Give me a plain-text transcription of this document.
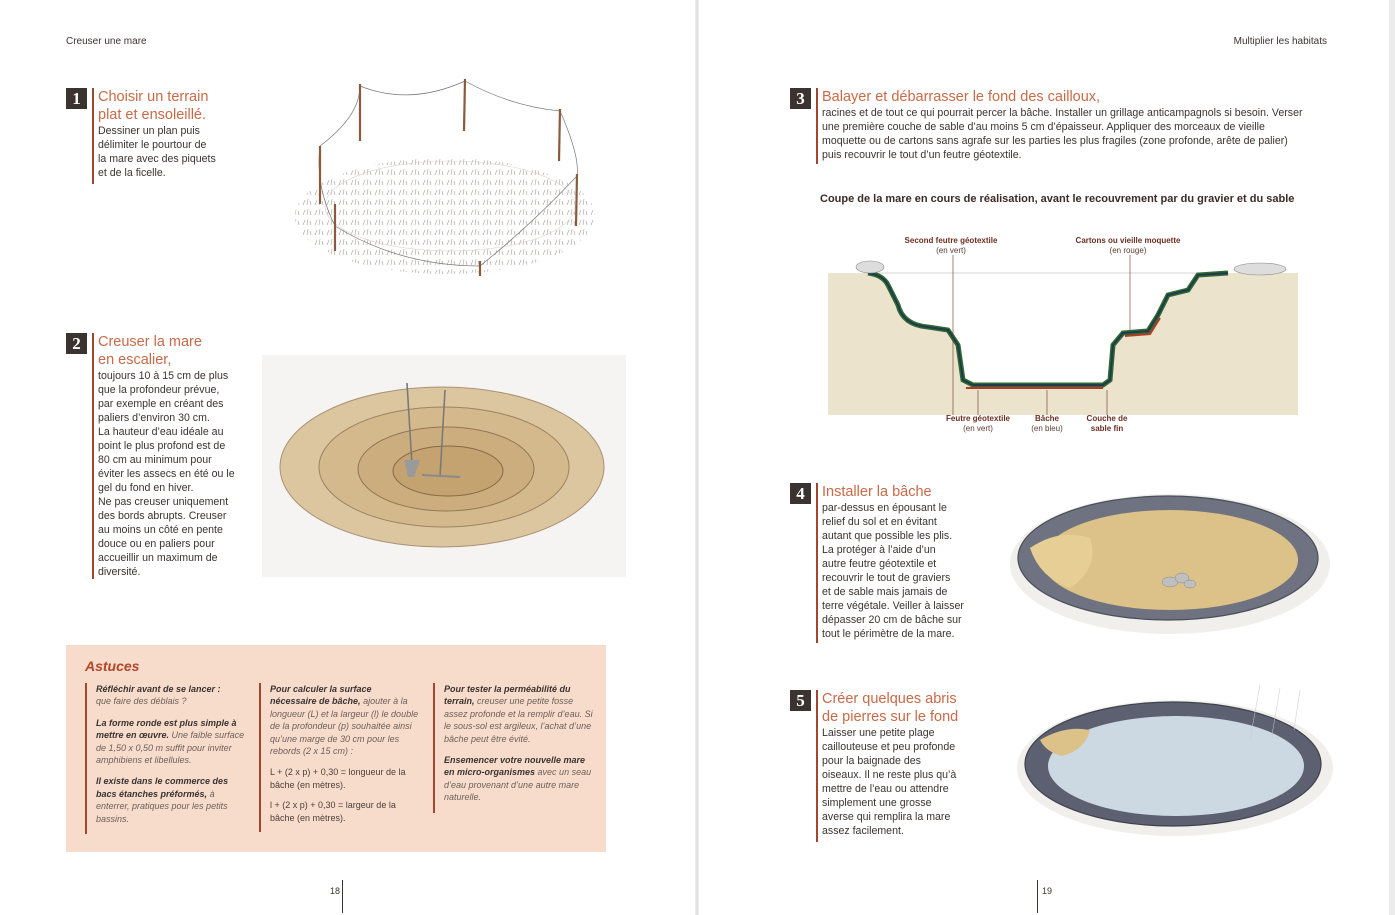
Creuser une mare	Multiplier les habitats
1	Choisir un terrain
plat et ensoleillé.
Dessiner un plan puis
délimiter le pourtour de
la mare avec des piquets
et de la ficelle.
2	Creuser la mare
en escalier,
toujours 10 à 15 cm de plus
que la profondeur prévue,
par exemple en créant des
paliers d’environ 30 cm.
La hauteur d’eau idéale au
point le plus profond est de
80 cm au minimum pour
éviter les assecs en été ou le
gel du fond en hiver.
Ne pas creuser uniquement
des bords abrupts. Creuser
au moins un côté en pente
douce ou en paliers pour
accueillir un maximum de
diversité.
Astuces
Réfléchir avant de se lancer :
que faire des déblais ?
La forme ronde est plus simple à mettre en œuvre. Une faible surface de 1,50 x 0,50 m suffit pour inviter amphibiens et libellules.
Il existe dans le commerce des bacs étanches préformés, à enterrer, pratiques pour les petits bassins.
Pour calculer la surface nécessaire de bâche, ajouter à la longueur (L) et la largeur (l) le double de la profondeur (p) souhaitée ainsi qu’une marge de 30 cm pour les rebords (2 x 15 cm) :
L + (2 x p) + 0,30 = longueur de la bâche (en mètres).
l + (2 x p) + 0,30 = largeur de la bâche (en mètres).
Pour tester la perméabilité du terrain, creuser une petite fosse assez profonde et la remplir d’eau. Si le sous-sol est argileux, l’achat d’une bâche peut être évité.
Ensemencer votre nouvelle mare en micro-organismes avec un seau d’eau provenant d’une autre mare naturelle.
3	Balayer et débarrasser le fond des cailloux,
racines et de tout ce qui pourrait percer la bâche. Installer un grillage anticampagnols si besoin. Verser une première couche de sable d’au moins 5 cm d’épaisseur. Appliquer des morceaux de vieille moquette ou de cartons sans agrafe sur les parties les plus fragiles (zone profonde, arête de palier) puis recouvrir le tout d’un feutre géotextile.
Coupe de la mare en cours de réalisation, avant le recouvrement par du gravier et du sable
Second feutre géotextile
(en vert)
Cartons ou vieille moquette
(en rouge)
Feutre géotextile
(en vert)
Bâche
(en bleu)
Couche de
sable fin
4	Installer la bâche
par-dessus en épousant le
relief du sol et en évitant
autant que possible les plis.
La protéger à l’aide d’un
autre feutre géotextile et
recouvrir le tout de graviers
et de sable mais jamais de
terre végétale. Veiller à laisser
dépasser 20 cm de bâche sur
tout le périmètre de la mare.
5	Créer quelques abris
de pierres sur le fond
Laisser une petite plage
caillouteuse et peu profonde
pour la baignade des
oiseaux. Il ne reste plus qu’à
mettre de l’eau ou attendre
simplement une grosse
averse qui remplira la mare
assez facilement.
18	19
